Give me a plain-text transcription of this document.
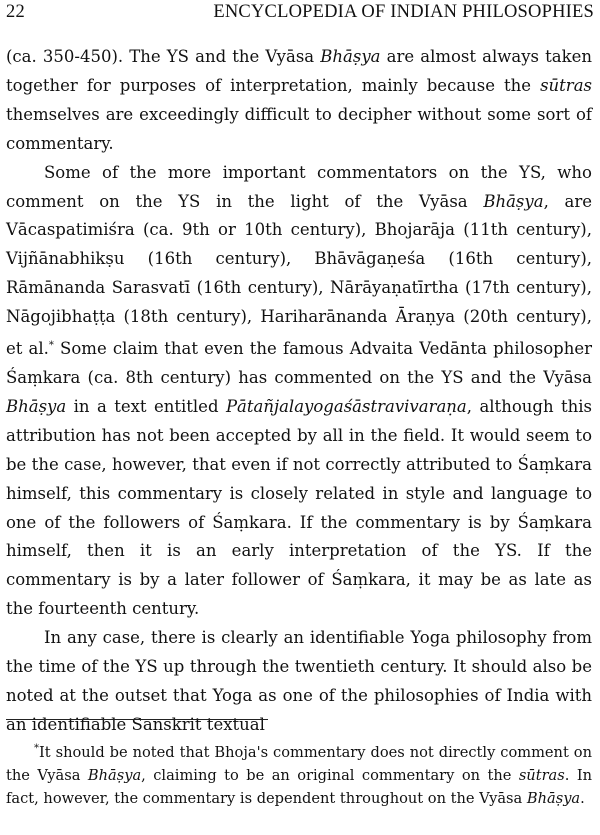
22	ENCYCLOPEDIA OF INDIAN PHILOSOPHIES

(ca. 350-450). The YS and the Vyāsa Bhāṣya are almost always taken together for purposes of interpretation, mainly because the sūtras themselves are exceedingly difficult to decipher without some sort of commentary.

Some of the more important commentators on the YS, who comment on the YS in the light of the Vyāsa Bhāṣya, are Vācaspatimiśra (ca. 9th or 10th century), Bhojarāja (11th century), Vijñānabhikṣu (16th century), Bhāvāgaṇeśa (16th century), Rāmānanda Sarasvatī (16th century), Nārāyaṇatīrtha (17th century), Nāgojibhaṭṭa (18th century), Hariharānanda Āraṇya (20th century), et al.* Some claim that even the famous Advaita Vedānta philosopher Śaṃkara (ca. 8th century) has commented on the YS and the Vyāsa Bhāṣya in a text entitled Pātañjalayogaśāstravivaraṇa, although this attribution has not been accepted by all in the field. It would seem to be the case, however, that even if not correctly attributed to Śaṃkara himself, this commentary is closely related in style and language to one of the followers of Śaṃkara. If the commentary is by Śaṃkara himself, then it is an early interpretation of the YS. If the commentary is by a later follower of Śaṃkara, it may be as late as the fourteenth century.

In any case, there is clearly an identifiable Yoga philosophy from the time of the YS up through the twentieth century. It should also be noted at the outset that Yoga as one of the philosophies of India with an identifiable Sanskrit textual

*It should be noted that Bhoja's commentary does not directly comment on the Vyāsa Bhāṣya, claiming to be an original commentary on the sūtras. In fact, however, the commentary is dependent throughout on the Vyāsa Bhāṣya.
